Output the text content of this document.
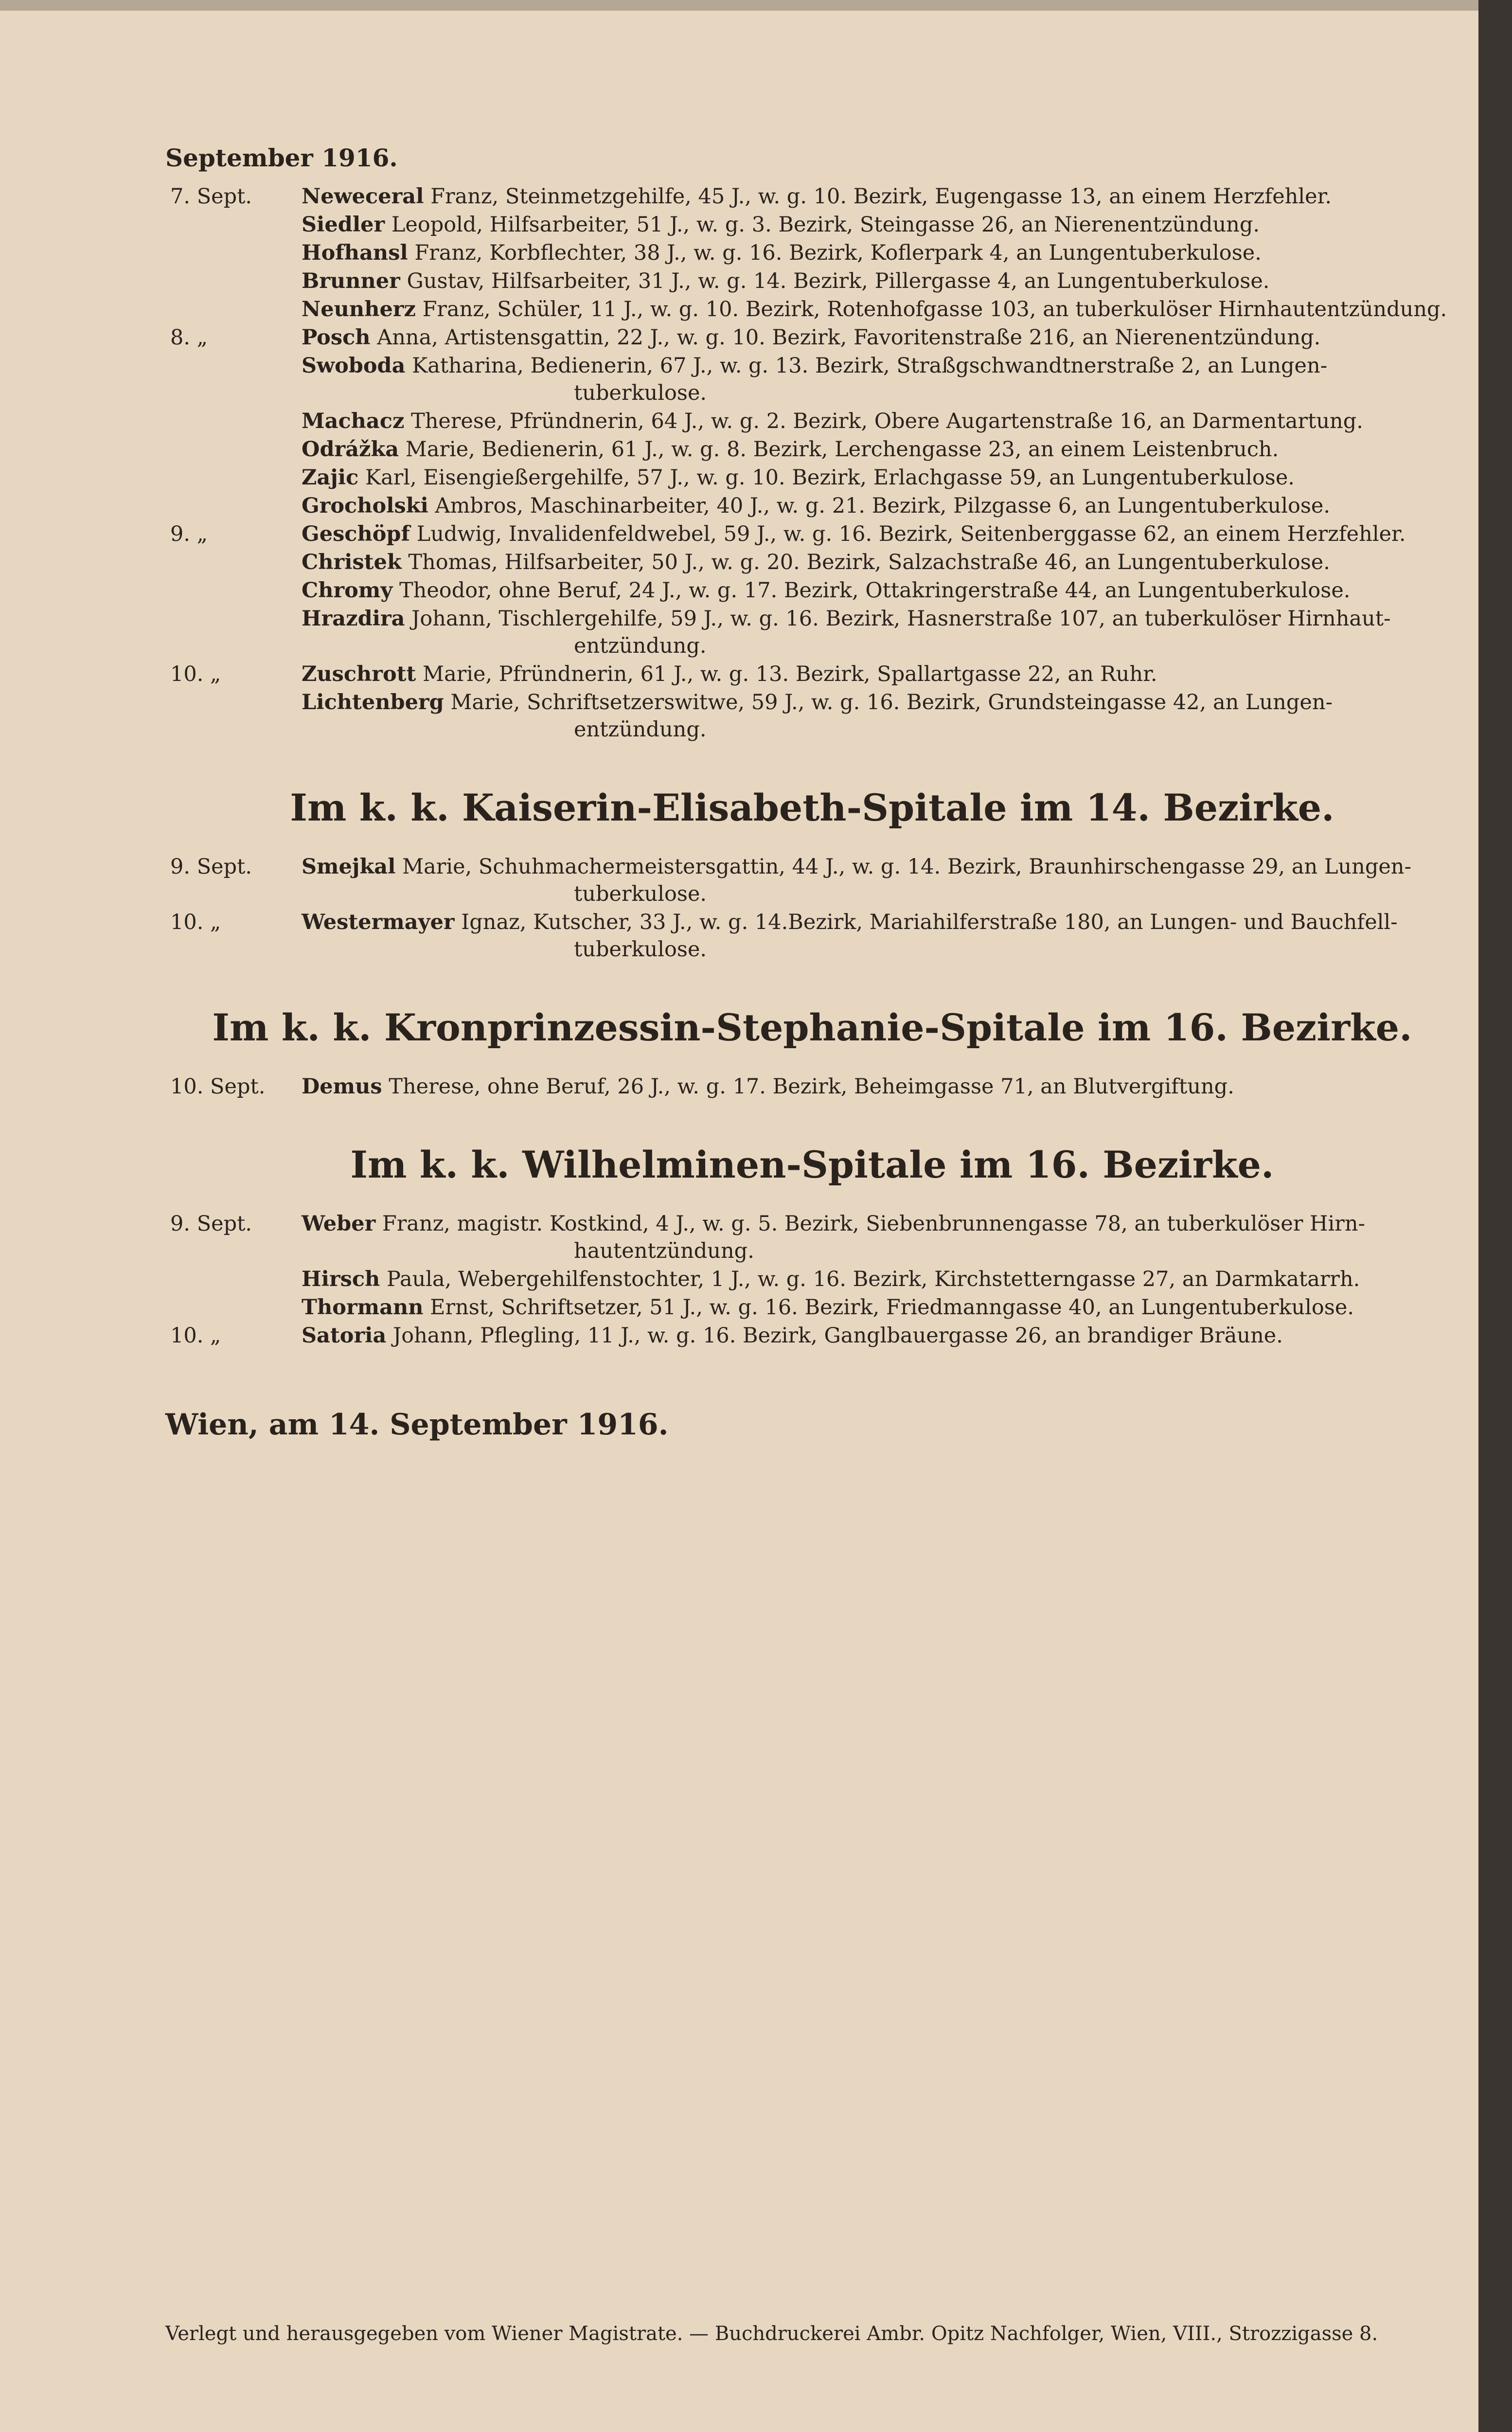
September 1916.
7. Sept.	Neweceral Franz, Steinmetzgehilfe, 45 J., w. g. 10. Bezirk, Eugengasse 13, an einem Herzfehler.
Siedler Leopold, Hilfsarbeiter, 51 J., w. g. 3. Bezirk, Steingasse 26, an Nierenentzündung.
Hofhansl Franz, Korbflechter, 38 J., w. g. 16. Bezirk, Koflerpark 4, an Lungentuberkulose.
Brunner Gustav, Hilfsarbeiter, 31 J., w. g. 14. Bezirk, Pillergasse 4, an Lungentuberkulose.
Neunherz Franz, Schüler, 11 J., w. g. 10. Bezirk, Rotenhofgasse 103, an tuberkulöser Hirnhautentzündung.
8. „	Posch Anna, Artistensgattin, 22 J., w. g. 10. Bezirk, Favoritenstraße 216, an Nierenentzündung.
Swoboda Katharina, Bedienerin, 67 J., w. g. 13. Bezirk, Straßgschwandtnerstraße 2, an Lungen-
tuberkulose.
Machacz Therese, Pfründnerin, 64 J., w. g. 2. Bezirk, Obere Augartenstraße 16, an Darmentartung.
Odrážka Marie, Bedienerin, 61 J., w. g. 8. Bezirk, Lerchengasse 23, an einem Leistenbruch.
Zajic Karl, Eisengießergehilfe, 57 J., w. g. 10. Bezirk, Erlachgasse 59, an Lungentuberkulose.
Grocholski Ambros, Maschinarbeiter, 40 J., w. g. 21. Bezirk, Pilzgasse 6, an Lungentuberkulose.
9. „	Geschöpf Ludwig, Invalidenfeldwebel, 59 J., w. g. 16. Bezirk, Seitenberggasse 62, an einem Herzfehler.
Christek Thomas, Hilfsarbeiter, 50 J., w. g. 20. Bezirk, Salzachstraße 46, an Lungentuberkulose.
Chromy Theodor, ohne Beruf, 24 J., w. g. 17. Bezirk, Ottakringerstraße 44, an Lungentuberkulose.
Hrazdira Johann, Tischlergehilfe, 59 J., w. g. 16. Bezirk, Hasnerstraße 107, an tuberkulöser Hirnhaut-
entzündung.
10. „	Zuschrott Marie, Pfründnerin, 61 J., w. g. 13. Bezirk, Spallartgasse 22, an Ruhr.
Lichtenberg Marie, Schriftsetzerswitwe, 59 J., w. g. 16. Bezirk, Grundsteingasse 42, an Lungen-
entzündung.
Im k. k. Kaiserin-Elisabeth-Spitale im 14. Bezirke.
9. Sept.	Smejkal Marie, Schuhmachermeistersgattin, 44 J., w. g. 14. Bezirk, Braunhirschengasse 29, an Lungen-
tuberkulose.
10. „	Westermayer Ignaz, Kutscher, 33 J., w. g. 14.Bezirk, Mariahilferstraße 180, an Lungen- und Bauchfell-
tuberkulose.
Im k. k. Kronprinzessin-Stephanie-Spitale im 16. Bezirke.
10. Sept.	Demus Therese, ohne Beruf, 26 J., w. g. 17. Bezirk, Beheimgasse 71, an Blutvergiftung.
Im k. k. Wilhelminen-Spitale im 16. Bezirke.
9. Sept.	Weber Franz, magistr. Kostkind, 4 J., w. g. 5. Bezirk, Siebenbrunnengasse 78, an tuberkulöser Hirn-
hautentzündung.
Hirsch Paula, Webergehilfenstochter, 1 J., w. g. 16. Bezirk, Kirchstetterngasse 27, an Darmkatarrh.
Thormann Ernst, Schriftsetzer, 51 J., w. g. 16. Bezirk, Friedmanngasse 40, an Lungentuberkulose.
10. „	Satoria Johann, Pflegling, 11 J., w. g. 16. Bezirk, Ganglbauergasse 26, an brandiger Bräune.
Wien, am 14. September 1916.
Verlegt und herausgegeben vom Wiener Magistrate. — Buchdruckerei Ambr. Opitz Nachfolger, Wien, VIII., Strozzigasse 8.
